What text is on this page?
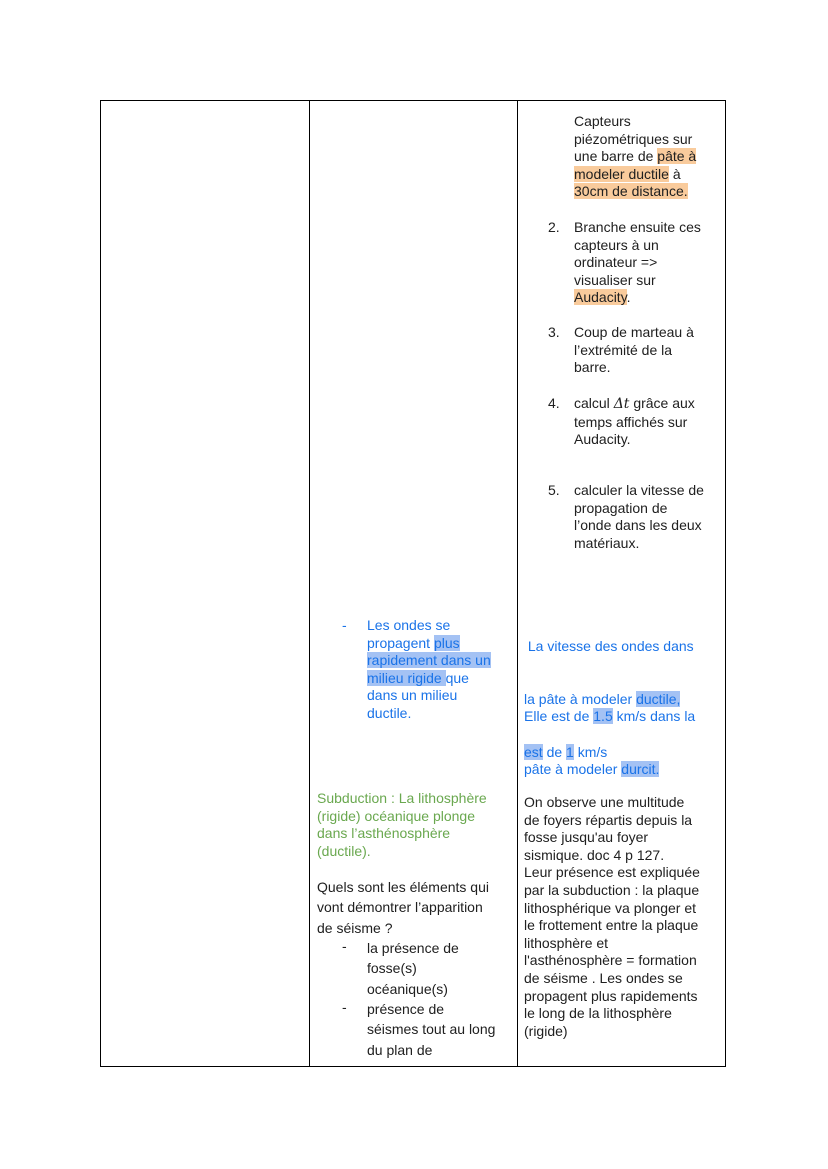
Capteurs
piézométriques sur
une barre de pâte à
modeler ductile à
30cm de distance.
2. Branche ensuite ces
capteurs à un
ordinateur =>
visualiser sur
Audacity.
3. Coup de marteau à
l’extrémité de la
barre.
4. calcul Δt grâce aux
temps affichés sur
Audacity.
5. calculer la vitesse de
propagation de
l’onde dans les deux
matériaux.

La vitesse des ondes dans

la pâte à modeler ductile,

est de 1 km/s

Elle est de 1.5 km/s dans la

pâte à modeler durcit.

On observe une multitude
de foyers répartis depuis la
fosse jusqu'au foyer
sismique. doc 4 p 127.
Leur présence est expliquée
par la subduction : la plaque
lithosphérique va plonger et
le frottement entre la plaque
lithosphère et
l'asthénosphère = formation
de séisme . Les ondes se
propagent plus rapidements
le long de la lithosphère
(rigide)
- Les ondes se
propagent plus
rapidement dans un
milieu rigide que
dans un milieu
ductile.
Subduction : La lithosphère
(rigide) océanique plonge
dans l’asthénosphère
(ductile).
Quels sont les éléments qui
vont démontrer l’apparition
de séisme ?
- la présence de
fosse(s)
océanique(s)
- présence de
séismes tout au long
du plan de
